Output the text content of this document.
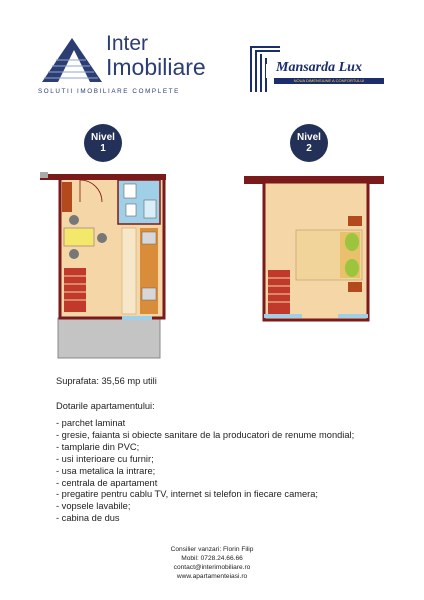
Inter
Imobiliare
SOLUTII IMOBILIARE COMPLETE
Mansarda Lux
NOUA DIMENSIUNE A CONFORTULUI
Nivel
1
Nivel
2
Suprafata: 35,56 mp utili
Dotarile apartamentului:
- parchet laminat
- gresie, faianta si obiecte sanitare de la producatori de renume mondial;
- tamplarie din PVC;
- usi interioare cu furnir;
- usa metalica la intrare;
- centrala de apartament
- pregatire pentru cablu TV, internet si telefon in fiecare camera;
- vopsele lavabile;
- cabina de dus
Consilier vanzari: Florin Filip
Mobil: 0728.24.66.66
contact@interimobiliare.ro
www.apartamenteiasi.ro
